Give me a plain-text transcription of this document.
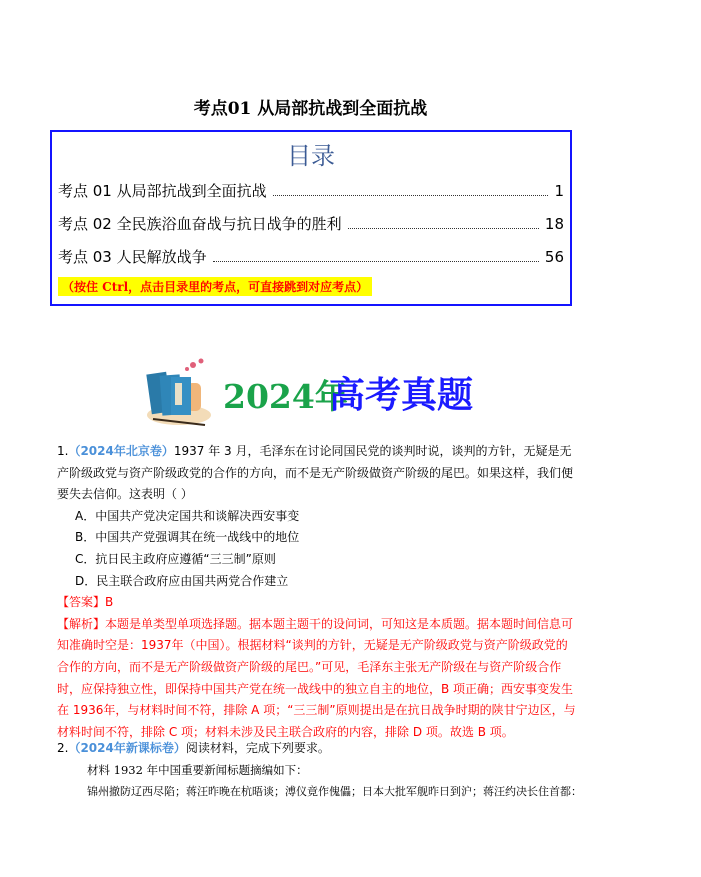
考点01 从局部抗战到全面抗战
目录
考点 01 从局部抗战到全面抗战	1
考点 02 全民族浴血奋战与抗日战争的胜利	18
考点 03 人民解放战争	56
（按住 Ctrl，点击目录里的考点，可直接跳到对应考点）
2024年
高考真题
1.（2024年北京卷）1937 年 3 月，毛泽东在讨论同国民党的谈判时说，谈判的方针，无疑是无产阶级政党与资产阶级政党的合作的方向，而不是无产阶级做资产阶级的尾巴。如果这样，我们便要失去信仰。这表明（ ）
A．中国共产党决定国共和谈解决西安事变
B．中国共产党强调其在统一战线中的地位
C．抗日民主政府应遵循“三三制”原则
D．民主联合政府应由国共两党合作建立
【答案】B
【解析】本题是单类型单项选择题。据本题主题干的设问词，可知这是本质题。据本题时间信息可知准确时空是：1937年（中国）。根据材料“谈判的方针，无疑是无产阶级政党与资产阶级政党的合作的方向，而不是无产阶级做资产阶级的尾巴。”可见，毛泽东主张无产阶级在与资产阶级合作时，应保持独立性，即保持中国共产党在统一战线中的独立自主的地位，B 项正确；西安事变发生在 1936年，与材料时间不符，排除 A 项；“三三制”原则提出是在抗日战争时期的陕甘宁边区，与材料时间不符，排除 C 项；材料未涉及民主联合政府的内容，排除 D 项。故选 B 项。
2.（2024年新课标卷）阅读材料，完成下列要求。
材料 1932 年中国重要新闻标题摘编如下：
锦州撤防辽西尽陷；蒋汪昨晚在杭晤谈；溥仪竟作傀儡；日本大批军舰昨日到沪；蒋汪约决长住首都：
